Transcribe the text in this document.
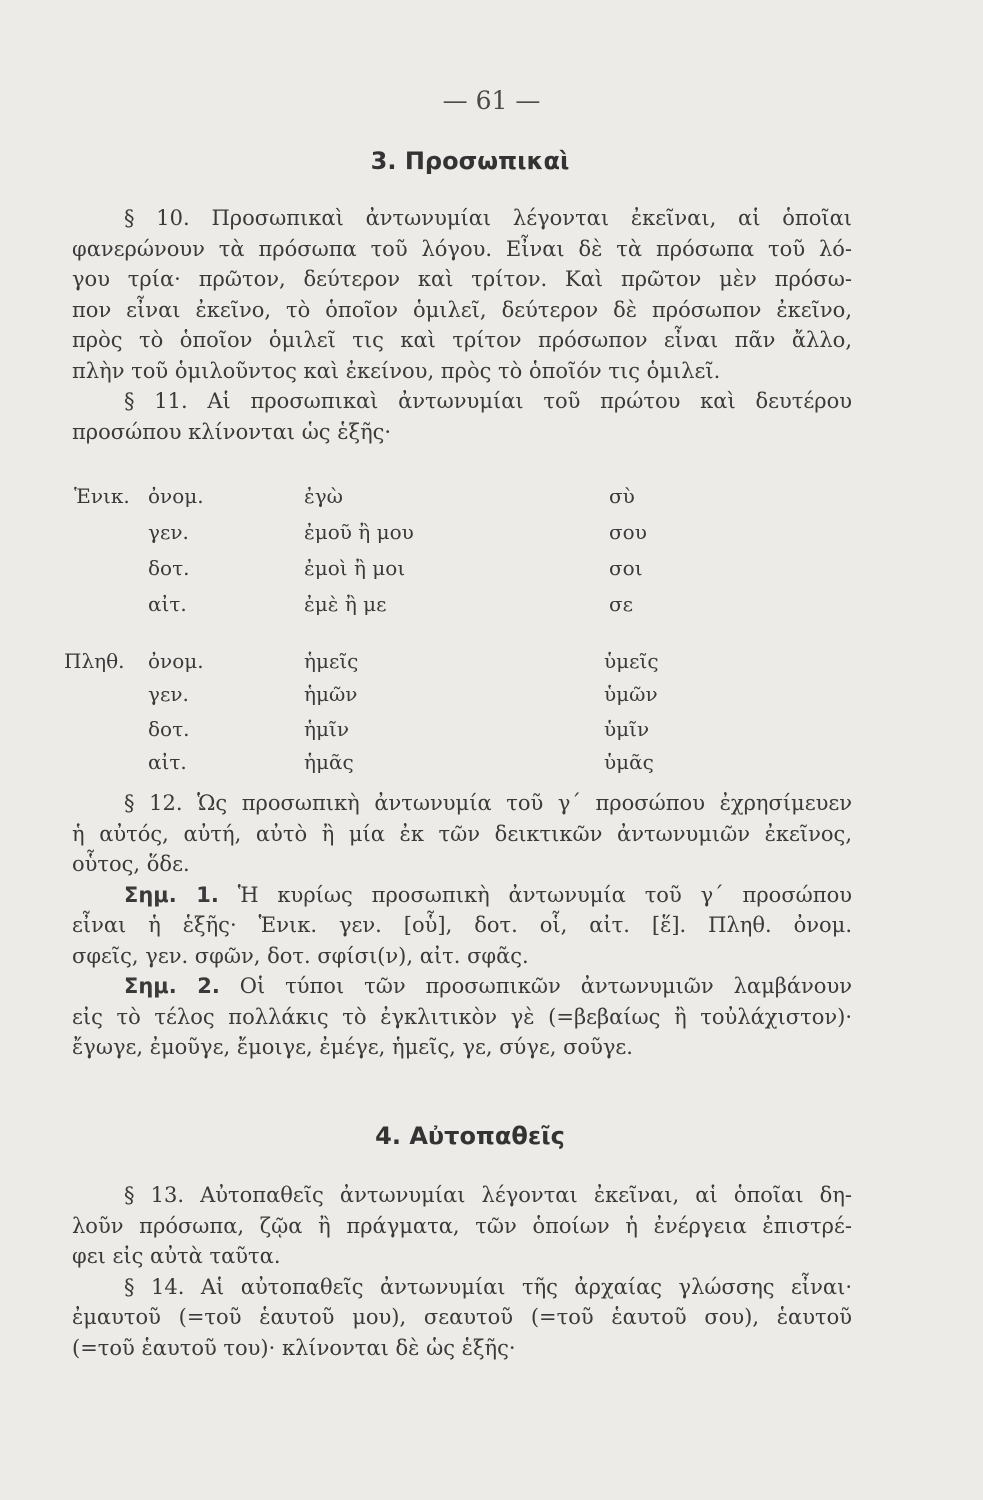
— 61 —
3. Προσωπικαὶ
§ 10. Προσωπικαὶ ἀντωνυμίαι λέγονται ἐκεῖναι, αἱ ὁποῖαι
φανερώνουν τὰ πρόσωπα τοῦ λόγου. Εἶναι δὲ τὰ πρόσωπα τοῦ λό-
γου τρία· πρῶτον, δεύτερον καὶ τρίτον. Καὶ πρῶτον μὲν πρόσω-
πον εἶναι ἐκεῖνο, τὸ ὁποῖον ὁμιλεῖ, δεύτερον δὲ πρόσωπον ἐκεῖνο,
πρὸς τὸ ὁποῖον ὁμιλεῖ τις καὶ τρίτον πρόσωπον εἶναι πᾶν ἄλλο,
πλὴν τοῦ ὁμιλοῦντος καὶ ἐκείνου, πρὸς τὸ ὁποῖόν τις ὁμιλεῖ.
§ 11. Αἱ προσωπικαὶ ἀντωνυμίαι τοῦ πρώτου καὶ δευτέρου
προσώπου κλίνονται ὡς ἑξῆς·
Ἑνικ. ὀνομ.	ἐγὼ	σὺ
γεν.	ἐμοῦ ἢ μου	σου
δοτ.	ἐμοὶ ἢ μοι	σοι
αἰτ.	ἐμὲ ἢ με	σε
Πληθ. ὀνομ.	ἡμεῖς	ὑμεῖς
γεν.	ἡμῶν	ὑμῶν
δοτ.	ἡμῖν	ὑμῖν
αἰτ.	ἡμᾶς	ὑμᾶς
§ 12. Ὡς προσωπικὴ ἀντωνυμία τοῦ γ΄ προσώπου ἐχρησίμευεν
ἡ αὐτός, αὐτή, αὐτὸ ἢ μία ἐκ τῶν δεικτικῶν ἀντωνυμιῶν ἐκεῖνος,
οὗτος, ὅδε.
Σημ. 1. Ἡ κυρίως προσωπικὴ ἀντωνυμία τοῦ γ΄ προσώπου
εἶναι ἡ ἑξῆς· Ἑνικ. γεν. [οὗ], δοτ. οἷ, αἰτ. [ἕ]. Πληθ. ὀνομ.
σφεῖς, γεν. σφῶν, δοτ. σφίσι(ν), αἰτ. σφᾶς.
Σημ. 2. Οἱ τύποι τῶν προσωπικῶν ἀντωνυμιῶν λαμβάνουν
εἰς τὸ τέλος πολλάκις τὸ ἐγκλιτικὸν γὲ (=βεβαίως ἢ τοὐλάχιστον)·
ἔγωγε, ἐμοῦγε, ἔμοιγε, ἐμέγε, ἡμεῖς, γε, σύγε, σοῦγε.
4. Αὐτοπαθεῖς
§ 13. Αὐτοπαθεῖς ἀντωνυμίαι λέγονται ἐκεῖναι, αἱ ὁποῖαι δη-
λοῦν πρόσωπα, ζῷα ἢ πράγματα, τῶν ὁποίων ἡ ἐνέργεια ἐπιστρέ-
φει εἰς αὐτὰ ταῦτα.
§ 14. Αἱ αὐτοπαθεῖς ἀντωνυμίαι τῆς ἀρχαίας γλώσσης εἶναι·
ἐμαυτοῦ (=τοῦ ἑαυτοῦ μου), σεαυτοῦ (=τοῦ ἑαυτοῦ σου), ἑαυτοῦ
(=τοῦ ἑαυτοῦ του)· κλίνονται δὲ ὡς ἑξῆς·
